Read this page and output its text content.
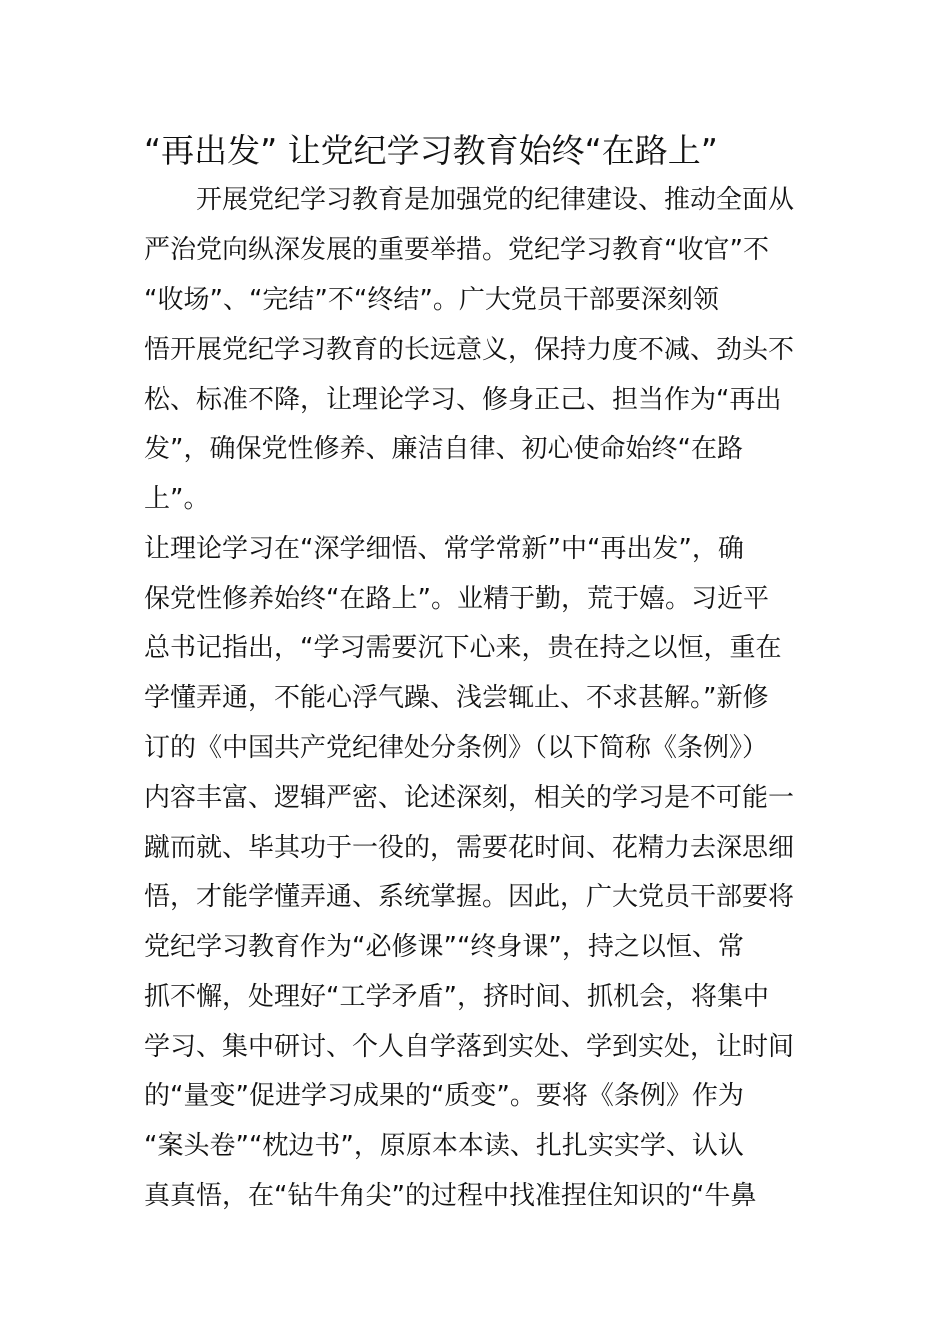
“再出发” 让党纪学习教育始终“在路上”
　　开展党纪学习教育是加强党的纪律建设、推动全面从
严治党向纵深发展的重要举措。党纪学习教育“收官”不
“收场”、“完结”不“终结”。广大党员干部要深刻领
悟开展党纪学习教育的长远意义，保持力度不减、劲头不
松、标准不降，让理论学习、修身正己、担当作为“再出
发”，确保党性修养、廉洁自律、初心使命始终“在路
上”。
让理论学习在“深学细悟、常学常新”中“再出发”，确
保党性修养始终“在路上”。业精于勤，荒于嬉。习近平
总书记指出，“学习需要沉下心来，贵在持之以恒，重在
学懂弄通，不能心浮气躁、浅尝辄止、不求甚解。”新修
订的《中国共产党纪律处分条例》（以下简称《条例》）
内容丰富、逻辑严密、论述深刻，相关的学习是不可能一
蹴而就、毕其功于一役的，需要花时间、花精力去深思细
悟，才能学懂弄通、系统掌握。因此，广大党员干部要将
党纪学习教育作为“必修课”“终身课”，持之以恒、常
抓不懈，处理好“工学矛盾”，挤时间、抓机会，将集中
学习、集中研讨、个人自学落到实处、学到实处，让时间
的“量变”促进学习成果的“质变”。要将《条例》作为
“案头卷”“枕边书”，原原本本读、扎扎实实学、认认
真真悟，在“钻牛角尖”的过程中找准捏住知识的“牛鼻
